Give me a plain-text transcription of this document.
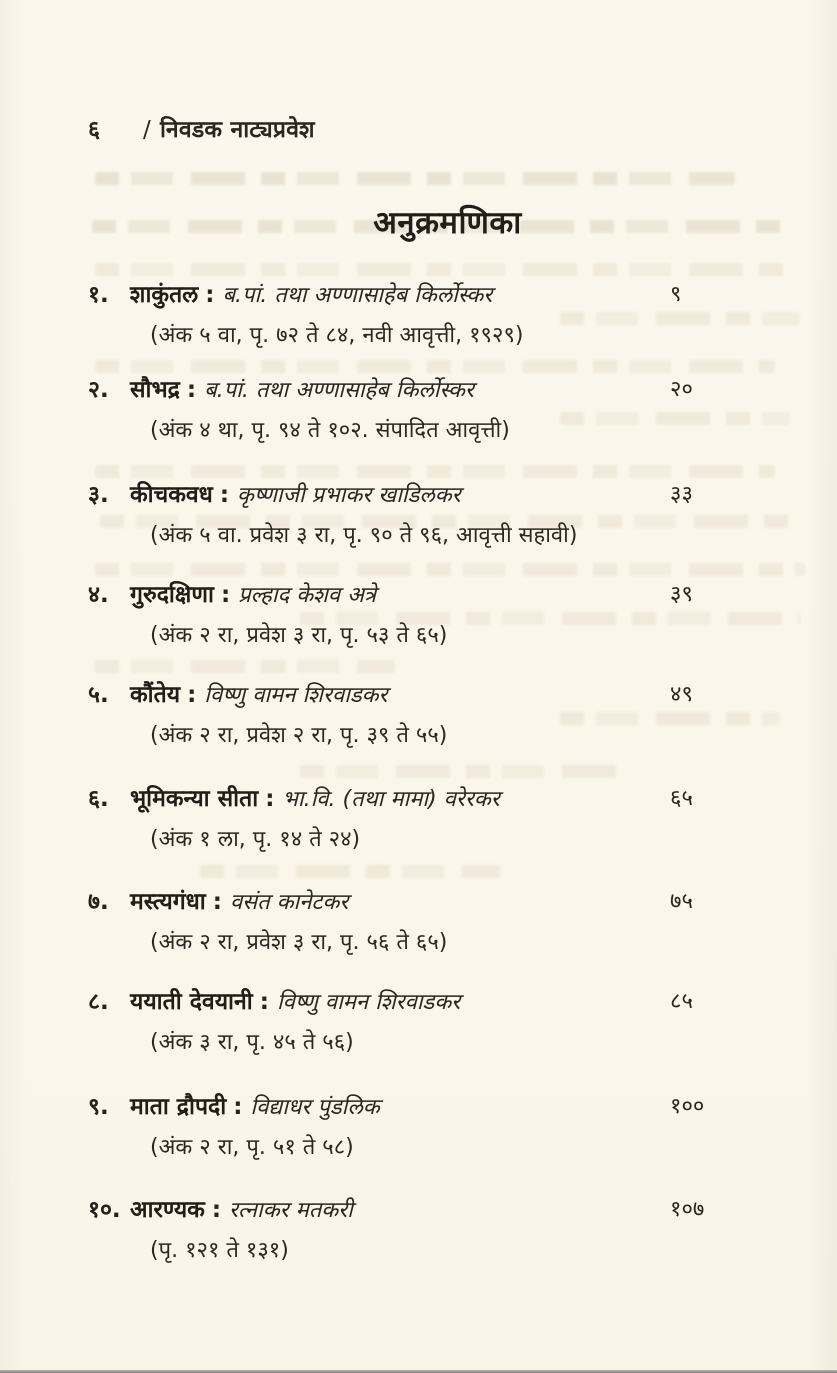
६	/ निवडक नाट्यप्रवेश
अनुक्रमणिका
१. शाकुंतल : ब.पां. तथा अण्णासाहेब किर्लोस्कर	९
(अंक ५ वा, पृ. ७२ ते ८४, नवी आवृत्ती, १९२९)
२. सौभद्र : ब.पां. तथा अण्णासाहेब किर्लोस्कर	२०
(अंक ४ था, पृ. ९४ ते १०२. संपादित आवृत्ती)
३. कीचकवध : कृष्णाजी प्रभाकर खाडिलकर	३३
(अंक ५ वा. प्रवेश ३ रा, पृ. ९० ते ९६, आवृत्ती सहावी)
४. गुरुदक्षिणा : प्रल्हाद केशव अत्रे	३९
(अंक २ रा, प्रवेश ३ रा, पृ. ५३ ते ६५)
५. कौंतेय : विष्णु वामन शिरवाडकर	४९
(अंक २ रा, प्रवेश २ रा, पृ. ३९ ते ५५)
६. भूमिकन्या सीता : भा.वि. (तथा मामा) वरेरकर	६५
(अंक १ ला, पृ. १४ ते २४)
७. मस्त्यगंधा : वसंत कानेटकर	७५
(अंक २ रा, प्रवेश ३ रा, पृ. ५६ ते ६५)
८. ययाती देवयानी : विष्णु वामन शिरवाडकर	८५
(अंक ३ रा, पृ. ४५ ते ५६)
९. माता द्रौपदी : विद्याधर पुंडलिक	१००
(अंक २ रा, पृ. ५१ ते ५८)
१०. आरण्यक : रत्नाकर मतकरी	१०७
(पृ. १२१ ते १३१)
